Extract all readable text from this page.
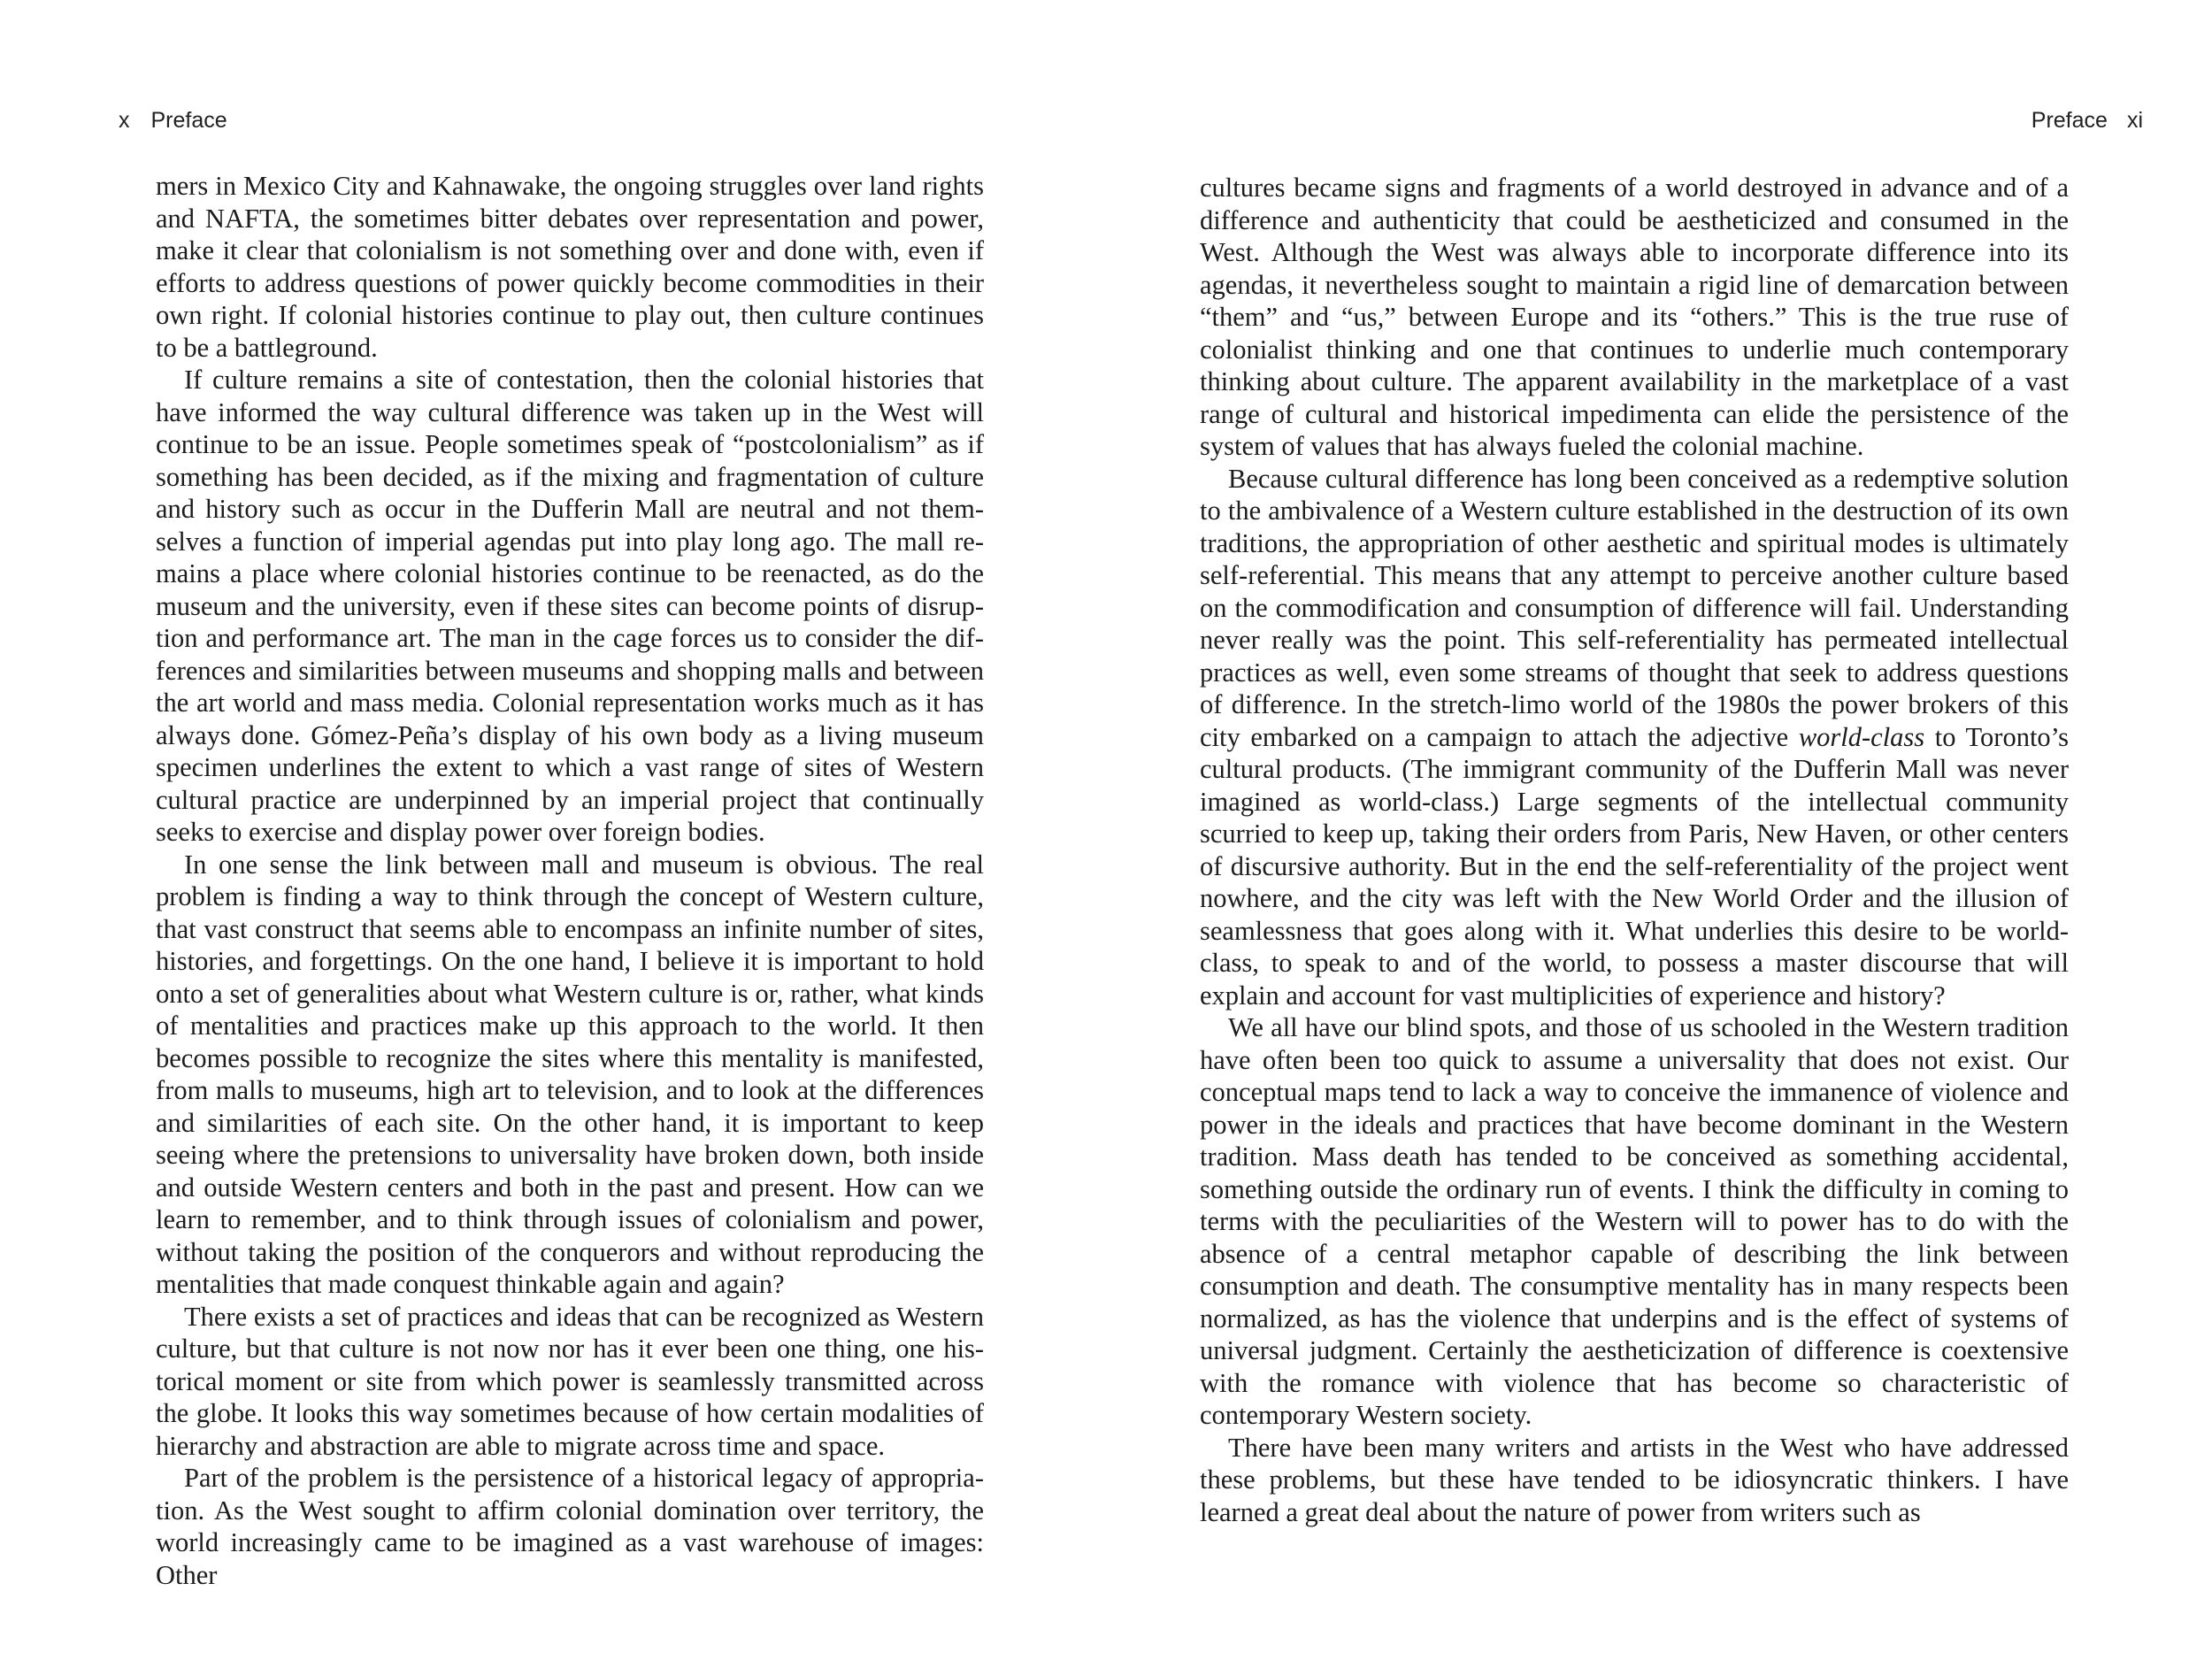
x Preface

mers in Mexico City and Kahnawake, the ongoing struggles over land rights and NAFTA, the sometimes bitter debates over representation and power, make it clear that colonialism is not something over and done with, even if efforts to address questions of power quickly become commodities in their own right. If colonial histories continue to play out, then culture continues to be a battleground.

If culture remains a site of contestation, then the colonial histories that have informed the way cultural difference was taken up in the West will continue to be an issue. People sometimes speak of “postcolonialism” as if something has been decided, as if the mixing and fragmentation of culture and history such as occur in the Dufferin Mall are neutral and not themselves a function of imperial agendas put into play long ago. The mall remains a place where colonial histories continue to be reenacted, as do the museum and the university, even if these sites can become points of disruption and performance art. The man in the cage forces us to consider the differences and similarities between museums and shopping malls and between the art world and mass media. Colonial representation works much as it has always done. Gómez-Peña’s display of his own body as a living museum specimen underlines the extent to which a vast range of sites of Western cultural practice are underpinned by an imperial project that continually seeks to exercise and display power over foreign bodies.

In one sense the link between mall and museum is obvious. The real problem is finding a way to think through the concept of Western culture, that vast construct that seems able to encompass an infinite number of sites, histories, and forgettings. On the one hand, I believe it is important to hold onto a set of generalities about what Western culture is or, rather, what kinds of mentalities and practices make up this approach to the world. It then becomes possible to recognize the sites where this mentality is manifested, from malls to museums, high art to television, and to look at the differences and similarities of each site. On the other hand, it is important to keep seeing where the pretensions to universality have broken down, both inside and outside Western centers and both in the past and present. How can we learn to remember, and to think through issues of colonialism and power, without taking the position of the conquerors and without reproducing the mentalities that made conquest thinkable again and again?

There exists a set of practices and ideas that can be recognized as Western culture, but that culture is not now nor has it ever been one thing, one historical moment or site from which power is seamlessly transmitted across the globe. It looks this way sometimes because of how certain modalities of hierarchy and abstraction are able to migrate across time and space.

Part of the problem is the persistence of a historical legacy of appropriation. As the West sought to affirm colonial domination over territory, the world increasingly came to be imagined as a vast warehouse of images: Other

Preface xi

cultures became signs and fragments of a world destroyed in advance and of a difference and authenticity that could be aestheticized and consumed in the West. Although the West was always able to incorporate difference into its agendas, it nevertheless sought to maintain a rigid line of demarcation between “them” and “us,” between Europe and its “others.” This is the true ruse of colonialist thinking and one that continues to underlie much contemporary thinking about culture. The apparent availability in the marketplace of a vast range of cultural and historical impedimenta can elide the persistence of the system of values that has always fueled the colonial machine.

Because cultural difference has long been conceived as a redemptive solution to the ambivalence of a Western culture established in the destruction of its own traditions, the appropriation of other aesthetic and spiritual modes is ultimately self-referential. This means that any attempt to perceive another culture based on the commodification and consumption of difference will fail. Understanding never really was the point. This self-referentiality has permeated intellectual practices as well, even some streams of thought that seek to address questions of difference. In the stretch-limo world of the 1980s the power brokers of this city embarked on a campaign to attach the adjective world-class to Toronto’s cultural products. (The immigrant community of the Dufferin Mall was never imagined as world-class.) Large segments of the intellectual community scurried to keep up, taking their orders from Paris, New Haven, or other centers of discursive authority. But in the end the self-referentiality of the project went nowhere, and the city was left with the New World Order and the illusion of seamlessness that goes along with it. What underlies this desire to be world-class, to speak to and of the world, to possess a master discourse that will explain and account for vast multiplicities of experience and history?

We all have our blind spots, and those of us schooled in the Western tradition have often been too quick to assume a universality that does not exist. Our conceptual maps tend to lack a way to conceive the immanence of violence and power in the ideals and practices that have become dominant in the Western tradition. Mass death has tended to be conceived as something accidental, something outside the ordinary run of events. I think the difficulty in coming to terms with the peculiarities of the Western will to power has to do with the absence of a central metaphor capable of describing the link between consumption and death. The consumptive mentality has in many respects been normalized, as has the violence that underpins and is the effect of systems of universal judgment. Certainly the aestheticization of difference is coextensive with the romance with violence that has become so characteristic of contemporary Western society.

There have been many writers and artists in the West who have addressed these problems, but these have tended to be idiosyncratic thinkers. I have learned a great deal about the nature of power from writers such as
